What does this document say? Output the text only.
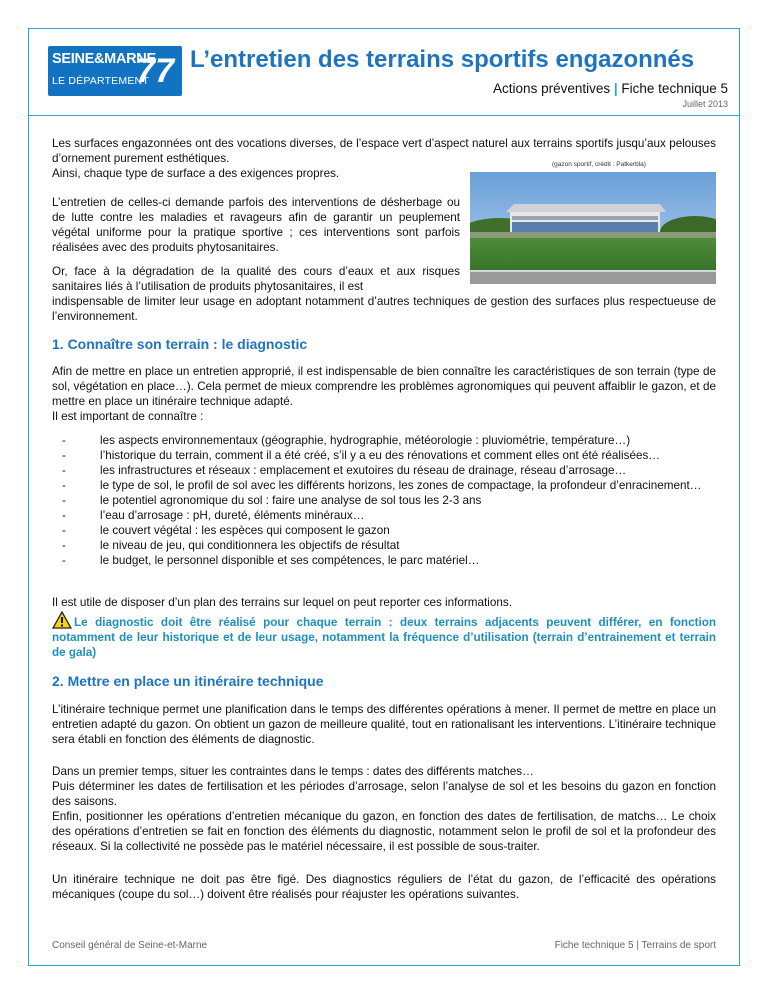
SEINE&MARNE
LE DÉPARTEMENT
77 L’entretien des terrains sportifs engazonnés
Actions préventives | Fiche technique 5
Juillet 2013
Les surfaces engazonnées ont des vocations diverses, de l’espace vert d’aspect naturel aux terrains sportifs jusqu’aux pelouses d’ornement purement esthétiques.
Ainsi, chaque type de surface a des exigences propres.
(gazon sportif, crédit : Patkerbla)
L’entretien de celles-ci demande parfois des interventions de désherbage ou de lutte contre les maladies et ravageurs afin de garantir un peuplement végétal uniforme pour la pratique sportive ; ces interventions sont parfois réalisées avec des produits phytosanitaires.
Or, face à la dégradation de la qualité des cours d’eaux et aux risques sanitaires liés à l’utilisation de produits phytosanitaires, il est
indispensable de limiter leur usage en adoptant notamment d’autres techniques de gestion des surfaces plus respectueuse de l’environnement.
1. Connaître son terrain : le diagnostic
Afin de mettre en place un entretien approprié, il est indispensable de bien connaître les caractéristiques de son terrain (type de sol, végétation en place…). Cela permet de mieux comprendre les problèmes agronomiques qui peuvent affaiblir le gazon, et de mettre en place un itinéraire technique adapté.
Il est important de connaître :
- les aspects environnementaux (géographie, hydrographie, météorologie : pluviométrie, température…)
- l’historique du terrain, comment il a été créé, s’il y a eu des rénovations et comment elles ont été réalisées…
- les infrastructures et réseaux : emplacement et exutoires du réseau de drainage, réseau d’arrosage…
- le type de sol, le profil de sol avec les différents horizons, les zones de compactage, la profondeur d’enracinement…
- le potentiel agronomique du sol : faire une analyse de sol tous les 2-3 ans
- l’eau d’arrosage : pH, dureté, éléments minéraux…
- le couvert végétal : les espèces qui composent le gazon
- le niveau de jeu, qui conditionnera les objectifs de résultat
- le budget, le personnel disponible et ses compétences, le parc matériel…
Il est utile de disposer d’un plan des terrains sur lequel on peut reporter ces informations.
Le diagnostic doit être réalisé pour chaque terrain : deux terrains adjacents peuvent différer, en fonction notamment de leur historique et de leur usage, notamment la fréquence d’utilisation (terrain d’entrainement et terrain de gala)
2. Mettre en place un itinéraire technique
L’itinéraire technique permet une planification dans le temps des différentes opérations à mener. Il permet de mettre en place un entretien adapté du gazon. On obtient un gazon de meilleure qualité, tout en rationalisant les interventions. L’itinéraire technique sera établi en fonction des éléments de diagnostic.
Dans un premier temps, situer les contraintes dans le temps : dates des différents matches…
Puis déterminer les dates de fertilisation et les périodes d’arrosage, selon l’analyse de sol et les besoins du gazon en fonction des saisons.
Enfin, positionner les opérations d’entretien mécanique du gazon, en fonction des dates de fertilisation, de matchs… Le choix des opérations d’entretien se fait en fonction des éléments du diagnostic, notamment selon le profil de sol et la profondeur des réseaux. Si la collectivité ne possède pas le matériel nécessaire, il est possible de sous-traiter.
Un itinéraire technique ne doit pas être figé. Des diagnostics réguliers de l’état du gazon, de l’efficacité des opérations mécaniques (coupe du sol…) doivent être réalisés pour réajuster les opérations suivantes.
Conseil général de Seine-et-Marne	Fiche technique 5 | Terrains de sport
